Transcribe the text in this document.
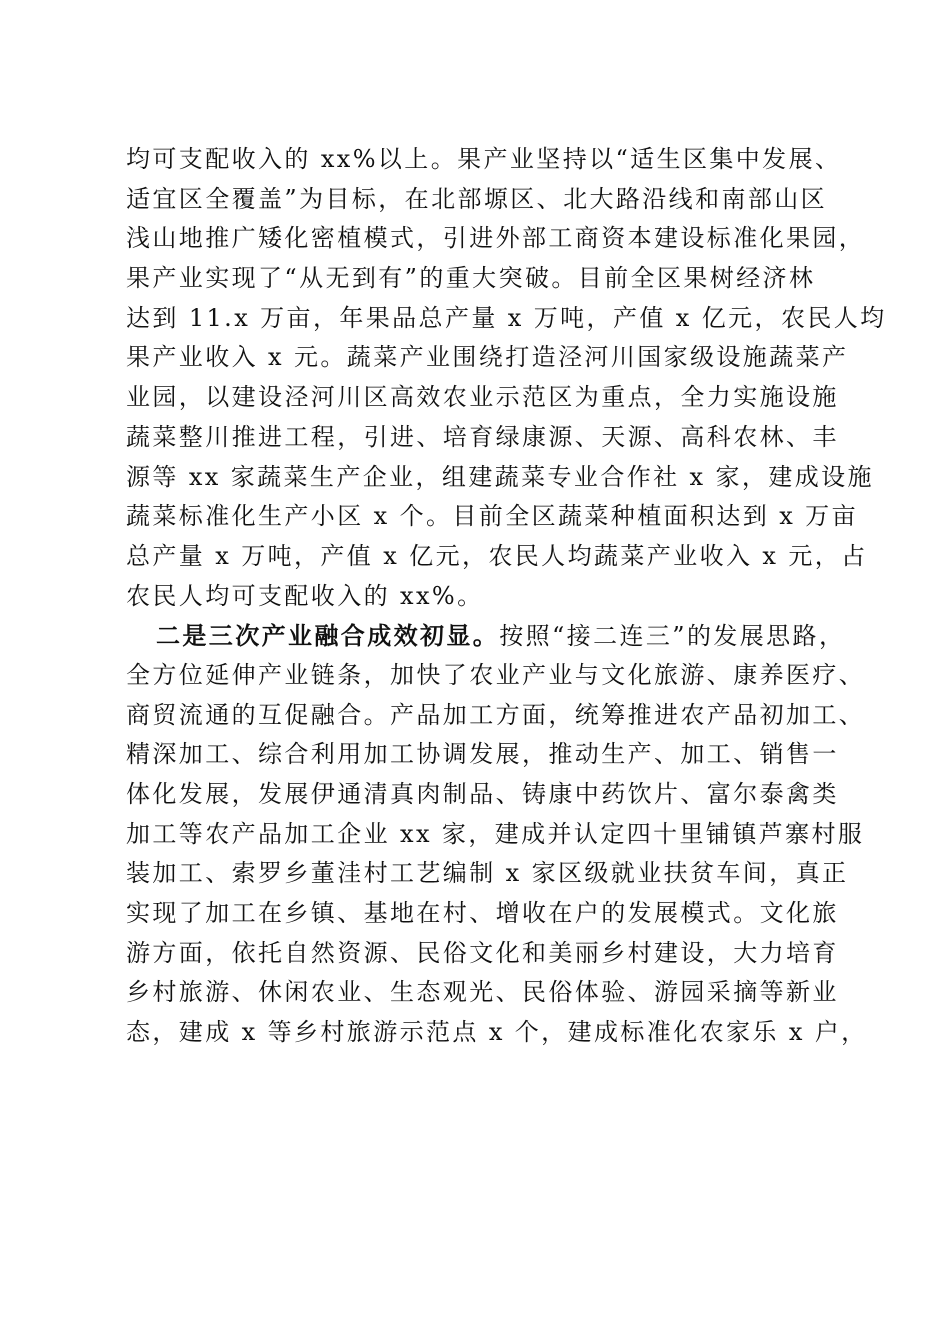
均可支配收入的 xx%以上。果产业坚持以“适生区集中发展、
适宜区全覆盖”为目标，在北部塬区、北大路沿线和南部山区
浅山地推广矮化密植模式，引进外部工商资本建设标准化果园，
果产业实现了“从无到有”的重大突破。目前全区果树经济林
达到 11.x 万亩，年果品总产量 x 万吨，产值 x 亿元，农民人均
果产业收入 x 元。蔬菜产业围绕打造泾河川国家级设施蔬菜产
业园，以建设泾河川区高效农业示范区为重点，全力实施设施
蔬菜整川推进工程，引进、培育绿康源、天源、高科农林、丰
源等 xx 家蔬菜生产企业，组建蔬菜专业合作社 x 家，建成设施
蔬菜标准化生产小区 x 个。目前全区蔬菜种植面积达到 x 万亩
总产量 x 万吨，产值 x 亿元，农民人均蔬菜产业收入 x 元，占
农民人均可支配收入的 xx%。
二是三次产业融合成效初显。按照“接二连三”的发展思路，
全方位延伸产业链条，加快了农业产业与文化旅游、康养医疗、
商贸流通的互促融合。产品加工方面，统筹推进农产品初加工、
精深加工、综合利用加工协调发展，推动生产、加工、销售一
体化发展，发展伊通清真肉制品、铸康中药饮片、富尔泰禽类
加工等农产品加工企业 xx 家，建成并认定四十里铺镇芦寨村服
装加工、索罗乡董洼村工艺编制 x 家区级就业扶贫车间，真正
实现了加工在乡镇、基地在村、增收在户的发展模式。文化旅
游方面，依托自然资源、民俗文化和美丽乡村建设，大力培育
乡村旅游、休闲农业、生态观光、民俗体验、游园采摘等新业
态，建成 x 等乡村旅游示范点 x 个，建成标准化农家乐 x 户，
